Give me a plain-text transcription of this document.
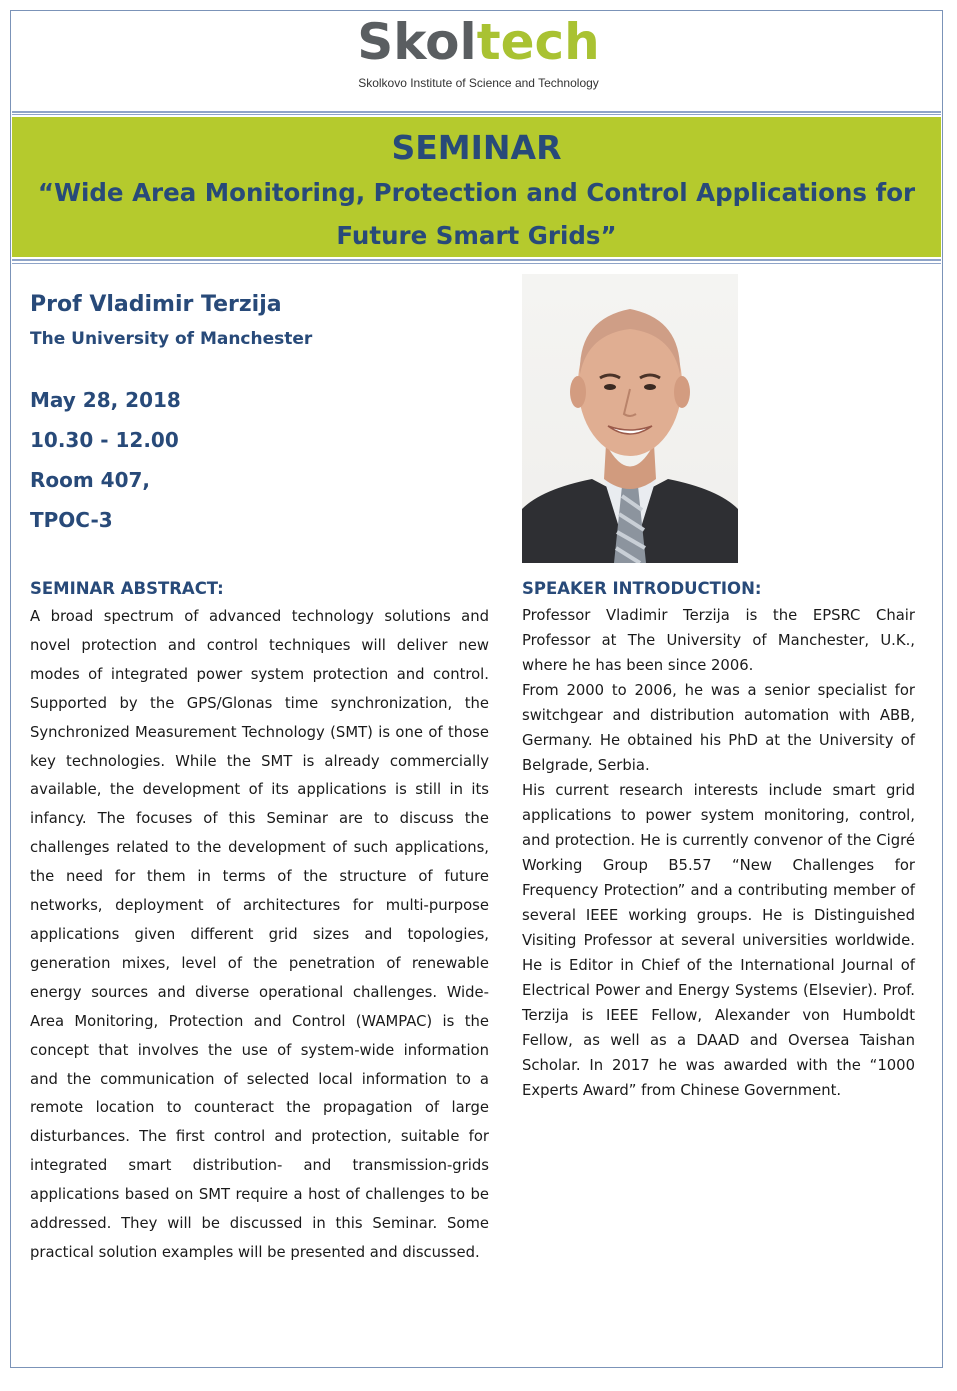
Skoltech
Skolkovo Institute of Science and Technology
SEMINAR
“Wide Area Monitoring, Protection and Control Applications for
Future Smart Grids”
Prof Vladimir Terzija
The University of Manchester
May 28, 2018
10.30 - 12.00
Room 407,
TPOC-3
SEMINAR ABSTRACT:
A broad spectrum of advanced technology solutions and novel protection and control techniques will deliver new modes of integrated power system protection and control. Supported by the GPS/Glonas time synchronization, the Synchronized Measurement Technology (SMT) is one of those key technologies. While the SMT is already commercially available, the development of its applications is still in its infancy. The focuses of this Seminar are to discuss the challenges related to the development of such applications, the need for them in terms of the structure of future networks, deployment of architectures for multi-purpose applications given different grid sizes and topologies, generation mixes, level of the penetration of renewable energy sources and diverse operational challenges. Wide-Area Monitoring, Protection and Control (WAMPAC) is the concept that involves the use of system-wide information and the communication of selected local information to a remote location to counteract the propagation of large disturbances. The first control and protection, suitable for integrated smart distribution- and transmission-grids applications based on SMT require a host of challenges to be addressed. They will be discussed in this Seminar. Some practical solution examples will be presented and discussed.
SPEAKER INTRODUCTION:

Professor Vladimir Terzija is the EPSRC Chair Professor at The University of Manchester, U.K., where he has been since 2006.

From 2000 to 2006, he was a senior specialist for switchgear and distribution automation with ABB, Germany. He obtained his PhD at the University of Belgrade, Serbia.

His current research interests include smart grid applications to power system monitoring, control, and protection. He is currently convenor of the Cigré Working Group B5.57 “New Challenges for Frequency Protection” and a contributing member of several IEEE working groups. He is Distinguished Visiting Professor at several universities worldwide. He is Editor in Chief of the International Journal of Electrical Power and Energy Systems (Elsevier). Prof. Terzija is IEEE Fellow, Alexander von Humboldt Fellow, as well as a DAAD and Oversea Taishan Scholar. In 2017 he was awarded with the “1000 Experts Award” from Chinese Government.
